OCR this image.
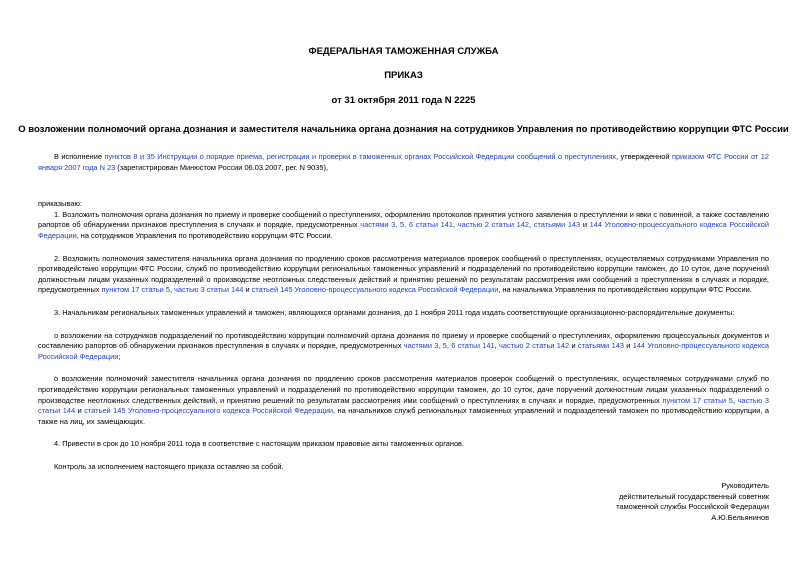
ФЕДЕРАЛЬНАЯ ТАМОЖЕННАЯ СЛУЖБА
ПРИКАЗ
от 31 октября 2011 года N 2225
О возложении полномочий органа дознания и заместителя начальника органа дознания на сотрудников Управления по противодействию коррупции ФТС России

В исполнение пунктов 8 и 35 Инструкции о порядке приема, регистрации и проверки в таможенных органах Российской Федерации сообщений о преступлениях, утвержденной приказом ФТС России от 12 января 2007 года N 23 (зарегистрирован Минюстом России 06.03.2007, рег. N 9035),

приказываю:

1. Возложить полномочия органа дознания по приему и проверке сообщений о преступлениях, оформлению протоколов принятия устного заявления о преступлении и явки с повинной, а также составлению рапортов об обнаружении признаков преступления в случаях и порядке, предусмотренных частями 3, 5, 6 статьи 141, частью 2 статьи 142, статьями 143 и 144 Уголовно-процессуального кодекса Российской Федерации, на сотрудников Управления по противодействию коррупции ФТС России.

2. Возложить полномочия заместителя начальника органа дознания по продлению сроков рассмотрения материалов проверок сообщений о преступлениях, осуществляемых сотрудниками Управления по противодействию коррупции ФТС России, служб по противодействию коррупции региональных таможенных управлений и подразделений по противодействию коррупции таможен, до 10 суток, даче поручений должностным лицам указанных подразделений о производстве неотложных следственных действий и принятию решений по результатам рассмотрения ими сообщений о преступлениях в случаях и порядке, предусмотренных пунктом 17 статьи 5, частью 3 статьи 144 и статьей 145 Уголовно-процессуального кодекса Российской Федерации, на начальника Управления по противодействию коррупции ФТС России.

3. Начальникам региональных таможенных управлений и таможен, являющихся органами дознания, до 1 ноября 2011 года издать соответствующие организационно-распорядительные документы:

о возложении на сотрудников подразделений по противодействию коррупции полномочий органа дознания по приему и проверке сообщений о преступлениях, оформлению процессуальных документов и составлению рапортов об обнаружении признаков преступления в случаях и порядке, предусмотренных частями 3, 5, 6 статьи 141, частью 2 статьи 142 и статьями 143 и 144 Уголовно-процессуального кодекса Российской Федерации;

о возложении полномочий заместителя начальника органа дознания по продлению сроков рассмотрения материалов проверок сообщений о преступлениях, осуществляемых сотрудниками служб по противодействию коррупции региональных таможенных управлений и подразделений по противодействию коррупции таможен, до 10 суток, даче поручений должностным лицам указанных подразделений о производстве неотложных следственных действий, и принятию решений по результатам рассмотрения ими сообщений о преступлениях в случаях и порядке, предусмотренных пунктом 17 статьи 5, частью 3 статьи 144 и статьей 145 Уголовно-процессуального кодекса Российской Федерации, на начальников служб региональных таможенных управлений и подразделений таможен по противодействию коррупции, а также на лиц, их замещающих.

4. Привести в срок до 10 ноября 2011 года в соответствие с настоящим приказом правовые акты таможенных органов.

Контроль за исполнением настоящего приказа оставляю за собой.

Руководитель
действительный государственный советник
таможенной службы Российской Федерации
А.Ю.Бельянинов
